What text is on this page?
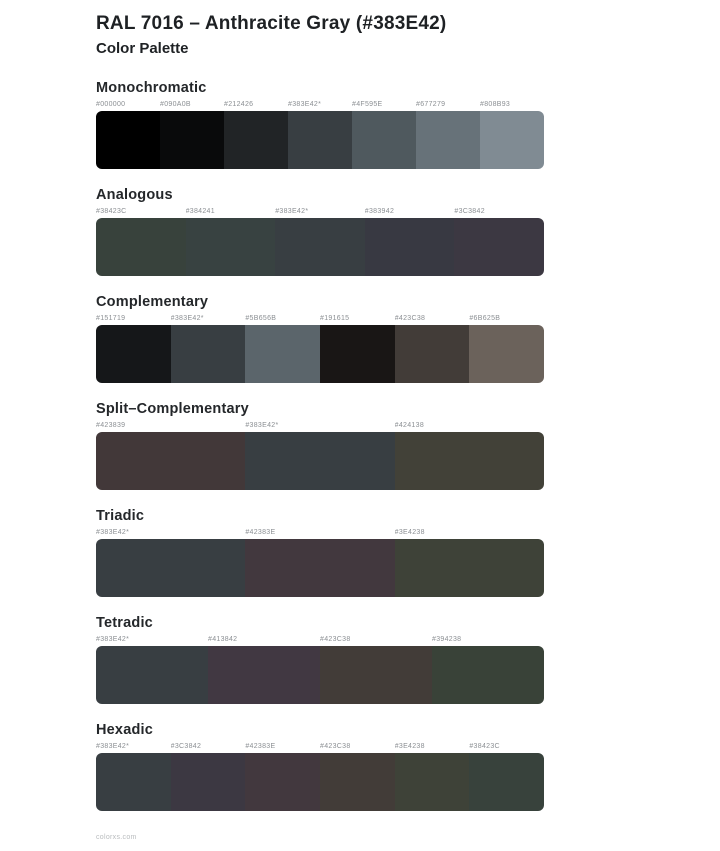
RAL 7016 – Anthracite Gray (#383E42)
Color Palette
Monochromatic
#000000	#090A0B	#212426	#383E42*	#4F595E	#677279	#808B93
Analogous
#38423C	#384241	#383E42*	#383942	#3C3842
Complementary
#151719	#383E42*	#5B656B	#191615	#423C38	#6B625B
Split–Complementary
#423839	#383E42*	#424138
Triadic
#383E42*	#42383E	#3E4238
Tetradic
#383E42*	#413842	#423C38	#394238
Hexadic
#383E42*	#3C3842	#42383E	#423C38	#3E4238	#38423C
colorxs.com
